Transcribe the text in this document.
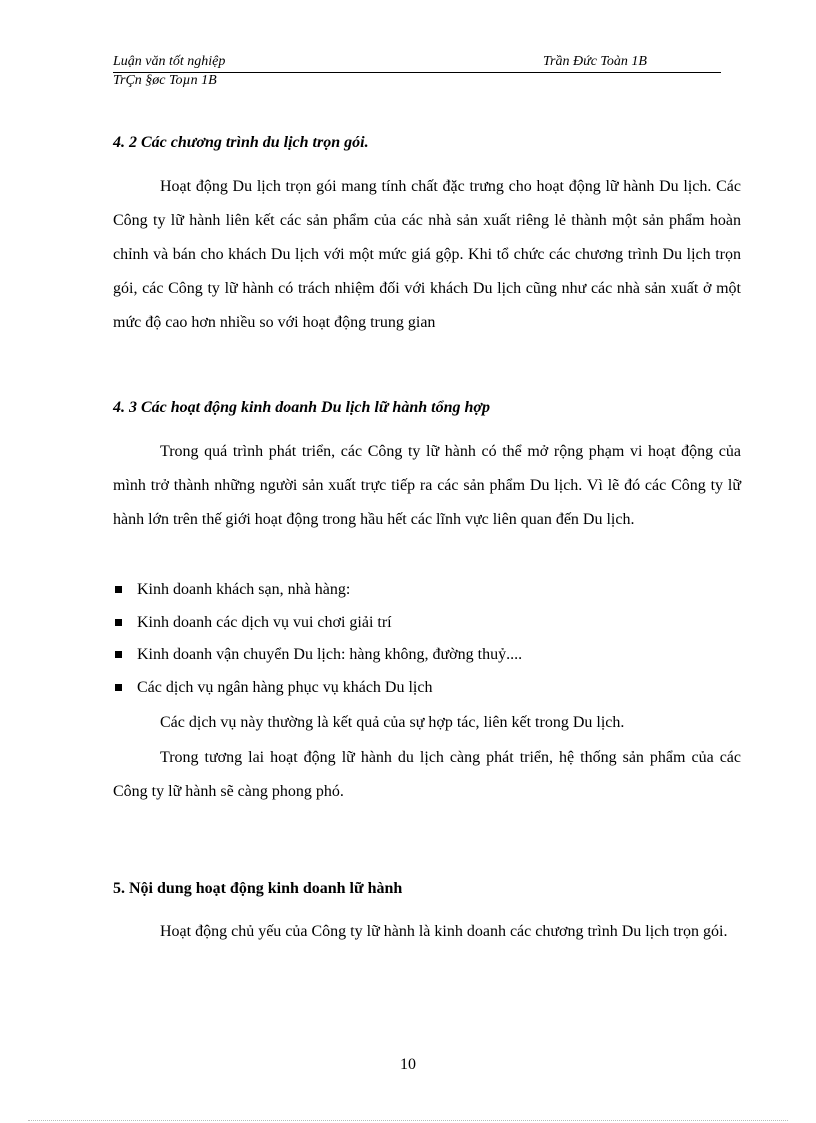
Luận văn tốt nghiệp	Trần Đức Toàn 1B
TrÇn §øc Toµn 1B
4. 2 Các chương trình du lịch trọn gói.

Hoạt động Du lịch trọn gói mang tính chất đặc trưng cho hoạt động lữ hành Du lịch. Các Công ty lữ hành liên kết các sản phẩm của các nhà sản xuất riêng lẻ thành một sản phẩm hoàn chỉnh và bán cho khách Du lịch với một mức giá gộp. Khi tổ chức các chương trình Du lịch trọn gói, các Công ty lữ hành có trách nhiệm đối với khách Du lịch cũng như các nhà sản xuất ở một mức độ cao hơn nhiều so với hoạt động trung gian

4. 3 Các hoạt động kinh doanh Du lịch lữ hành tổng hợp

Trong quá trình phát triển, các Công ty lữ hành có thể mở rộng phạm vi hoạt động của mình trở thành những người sản xuất trực tiếp ra các sản phẩm Du lịch. Vì lẽ đó các Công ty lữ hành lớn trên thế giới hoạt động trong hầu hết các lĩnh vực liên quan đến Du lịch.

Kinh doanh khách sạn, nhà hàng:
Kinh doanh các dịch vụ vui chơi giải trí
Kinh doanh vận chuyển Du lịch: hàng không, đường thuỷ....
Các dịch vụ ngân hàng phục vụ khách Du lịch

Các dịch vụ này thường là kết quả của sự hợp tác, liên kết trong Du lịch.

Trong tương lai hoạt động lữ hành du lịch càng phát triển, hệ thống sản phẩm của các Công ty lữ hành sẽ càng phong phó.

5. Nội dung hoạt động kinh doanh lữ hành

Hoạt động chủ yếu của Công ty lữ hành là kinh doanh các chương trình Du lịch trọn gói.

10
